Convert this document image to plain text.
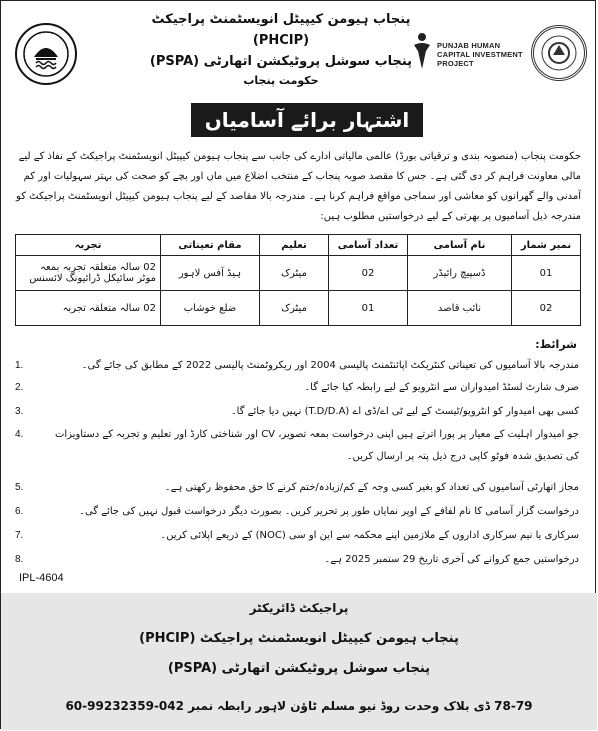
پنجاب ہیومن کیپیٹل انویسٹمنٹ پراجیکٹ (PHCIP)
پنجاب سوشل پروٹیکشن اتھارٹی (PSPA)
حکومت پنجاب
PUNJAB HUMAN
CAPITAL INVESTMENT
PROJECT
اشتہار برائے آسامیاں
حکومت پنجاب (منصوبہ بندی و ترقیاتی بورڈ) عالمی مالیاتی ادارے کی جانب سے پنجاب ہیومن کیپیٹل انویسٹمنٹ پراجیکٹ کے نفاذ کے لیے مالی معاونت فراہم کر دی گئی ہے۔ جس کا مقصد صوبہ پنجاب کے منتخب اضلاع میں ماں اور بچے کو صحت کی بہتر سہولیات اور کم آمدنی والے گھرانوں کو معاشی اور سماجی مواقع فراہم کرنا ہے۔ مندرجہ بالا مقاصد کے لیے پنجاب ہیومن کیپیٹل انویسٹمنٹ پراجیکٹ کو مندرجہ ذیل آسامیوں پر بھرتی کے لیے درخواستیں مطلوب ہیں:
نمبر شمار	نام آسامی	تعداد آسامی	تعلیم	مقام تعیناتی	تجربہ
01	ڈسپیچ رائیڈر	02	میٹرک	ہیڈ آفس لاہور	02 سالہ متعلقہ تجربہ بمعہ موٹر سائیکل ڈرائیونگ لائسنس
02	نائب قاصد	01	میٹرک	ضلع خوشاب	02 سالہ متعلقہ تجربہ
شرائط:
1.	مندرجہ بالا آسامیوں کی تعیناتی کنٹریکٹ اپائنٹمنٹ پالیسی 2004 اور ریکروٹمنٹ پالیسی 2022 کے مطابق کی جائے گی۔
2.	صرف شارٹ لسٹڈ امیدواران سے انٹرویو کے لیے رابطہ کیا جائے گا۔
3.	کسی بھی امیدوار کو انٹرویو/ٹیسٹ کے لیے ٹی اے/ڈی اے (T.D/D.A) نہیں دیا جائے گا۔
4.	جو امیدوار اہلیت کے معیار پر پورا اترتے ہیں اپنی درخواست بمعہ تصویر، CV اور شناختی کارڈ اور تعلیم و تجربہ کے دستاویزات کی تصدیق شدہ فوٹو کاپی درج ذیل پتہ پر ارسال کریں۔
5.	مجاز اتھارٹی آسامیوں کی تعداد کو بغیر کسی وجہ کے کم/زیادہ/ختم کرنے کا حق محفوظ رکھتی ہے۔
6.	درخواست گزار آسامی کا نام لفافے کے اوپر نمایاں طور پر تحریر کریں۔ بصورت دیگر درخواست قبول نہیں کی جائے گی۔
7.	سرکاری یا نیم سرکاری اداروں کے ملازمین اپنے محکمہ سے این او سی (NOC) کے ذریعے اپلائی کریں۔
8.	درخواستیں جمع کروانے کی آخری تاریخ 29 ستمبر 2025 ہے۔
IPL-4604
پراجیکٹ ڈائریکٹر
پنجاب ہیومن کیپیٹل انویسٹمنٹ پراجیکٹ (PHCIP)
پنجاب سوشل پروٹیکشن اتھارٹی (PSPA)
78-79 ڈی بلاک وحدت روڈ نیو مسلم ٹاؤن لاہور رابطہ نمبر 042-99232359-60
